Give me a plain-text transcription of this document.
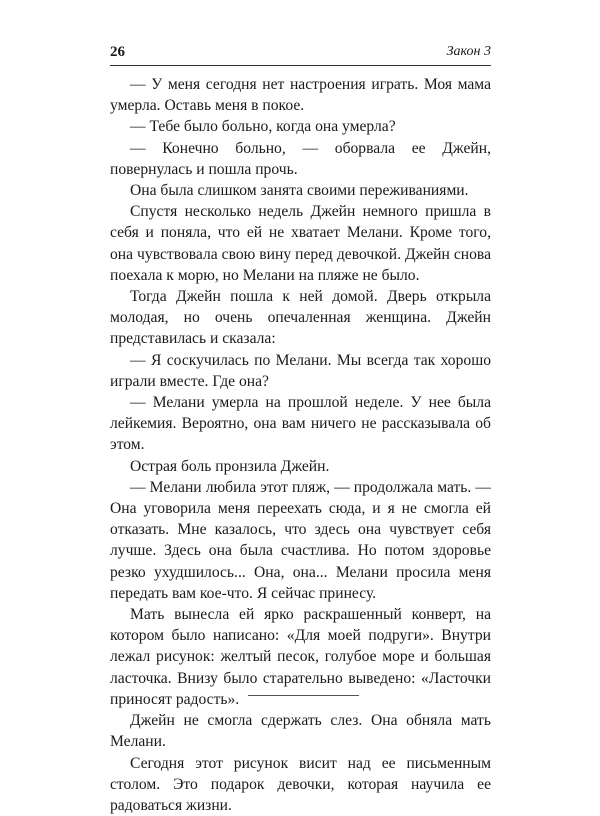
26	Закон 3

— У меня сегодня нет настроения играть. Моя мама умерла. Оставь меня в покое.

— Тебе было больно, когда она умерла?

— Конечно больно, — оборвала ее Джейн, повернулась и пошла прочь.

Она была слишком занята своими переживаниями.

Спустя несколько недель Джейн немного пришла в себя и поняла, что ей не хватает Мелани. Кроме того, она чувствовала свою вину перед девочкой. Джейн снова поехала к морю, но Мелани на пляже не было.

Тогда Джейн пошла к ней домой. Дверь открыла молодая, но очень опечаленная женщина. Джейн представилась и сказала:

— Я соскучилась по Мелани. Мы всегда так хорошо играли вместе. Где она?

— Мелани умерла на прошлой неделе. У нее была лейкемия. Вероятно, она вам ничего не рассказывала об этом.

Острая боль пронзила Джейн.

— Мелани любила этот пляж, — продолжала мать. — Она уговорила меня переехать сюда, и я не смогла ей отказать. Мне казалось, что здесь она чувствует себя лучше. Здесь она была счастлива. Но потом здоровье резко ухудшилось... Она, она... Мелани просила меня передать вам кое-что. Я сейчас принесу.

Мать вынесла ей ярко раскрашенный конверт, на котором было написано: «Для моей подруги». Внутри лежал рисунок: желтый песок, голубое море и большая ласточка. Внизу было старательно выведено: «Ласточки приносят радость».

Джейн не смогла сдержать слез. Она обняла мать Мелани.

Сегодня этот рисунок висит над ее письменным столом. Это подарок девочки, которая научила ее радоваться жизни.
